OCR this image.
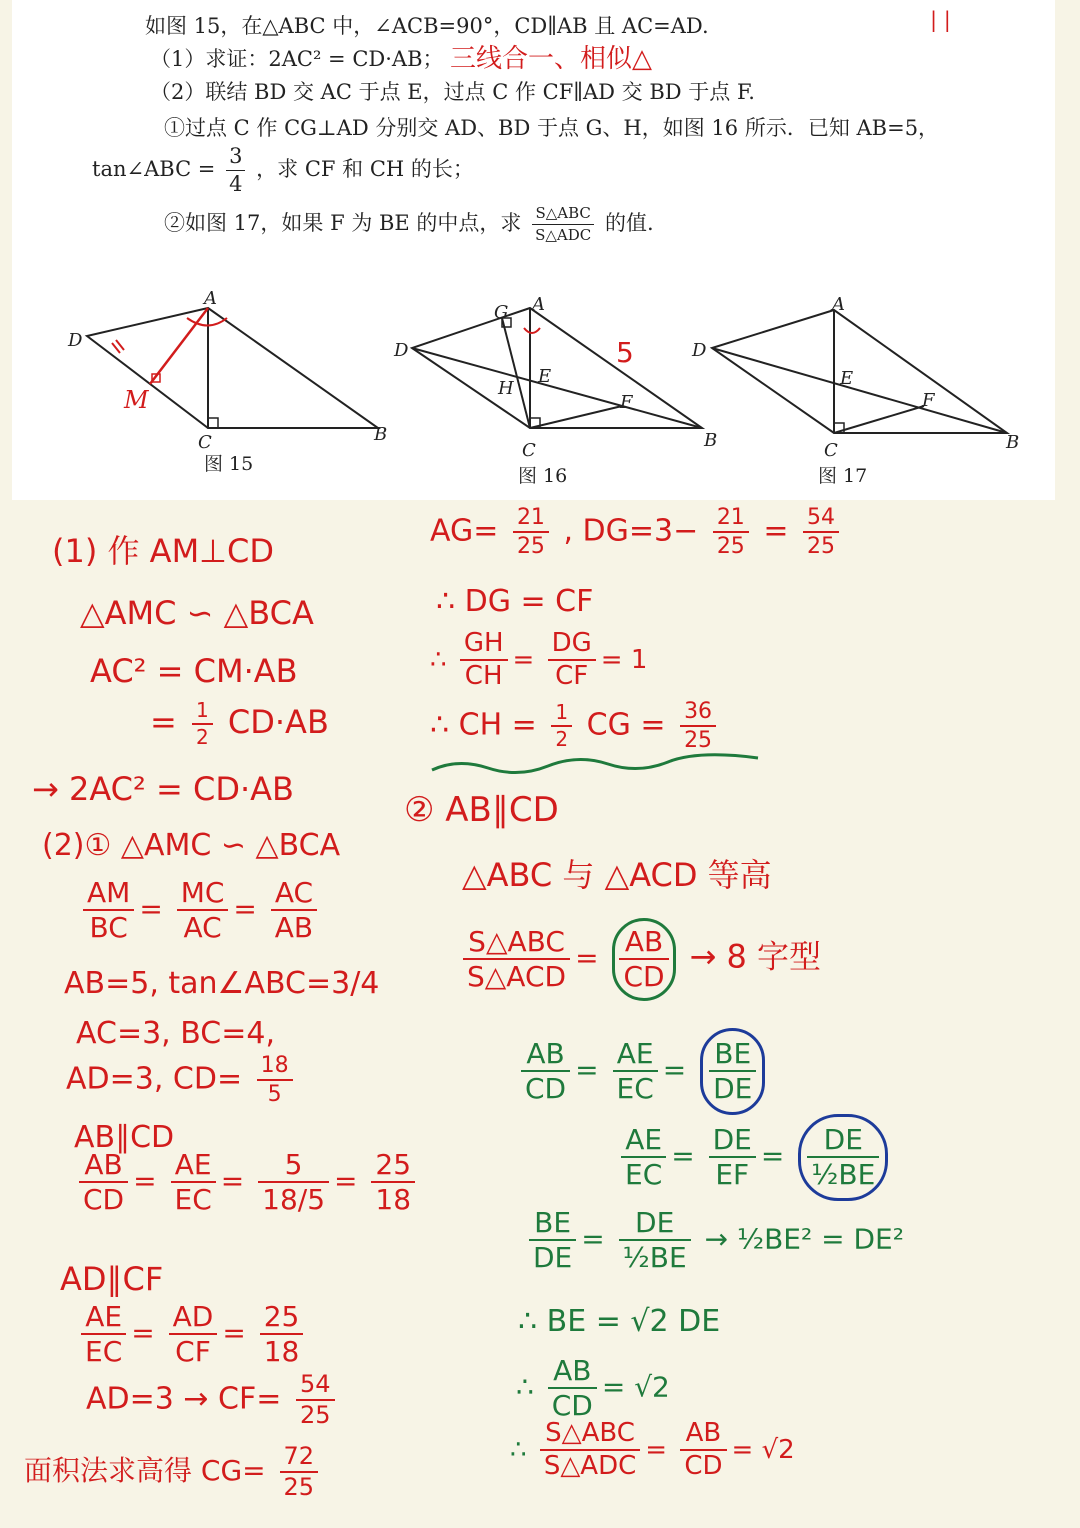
如图 15，在△ABC 中，∠ACB=90°，CD∥AB 且 AC=AD.	| |
（1）求证：2AC² = CD·AB； 三线合一、相似△
（2）联结 BD 交 AC 于点 E，过点 C 作 CF∥AD 交 BD 于点 F.
①过点 C 作 CG⊥AD 分别交 AD、BD 于点 G、H，如图 16 所示．已知 AB=5，
tan∠ABC = $\frac{3}{4}$ ，求 CF 和 CH 的长；
②如图 17，如果 F 为 BE 的中点，求 $\frac{\text{S△ABC}}{\text{S△ADC}}$ 的值.
A
D
C	B
M
图 15
A
G
D
H
E
F
C	B
5
图 16
A
D
E
F
C	B
图 17
(1) 作 AM⊥CD
△AMC ∽ △BCA
AC² = CM·AB
= $\frac{1}{2} CD\cdot AB$
→ 2AC² = CD·AB
(2)① △AMC ∽ △BCA
$\frac{AM}{BC} = \frac{MC}{AC} = \frac{AC}{AB}$
AB=5, tan∠ABC=3/4
AC=3, BC=4,
AD=3, $CD= \frac{18}{5}$
AB∥CD
$\frac{AB}{CD} = \frac{AE}{EC} = \frac{5}{18/5} = \frac{25}{18}$
AD∥CF
$\frac{AE}{EC} = \frac{AD}{CF} = \frac{25}{18}$
$AD=3 \to CF= \frac{54}{25}$
面积法求高得 $CG= \frac{72}{25}$
$AG= \frac{21}{25}$ , $DG=3- \frac{21}{25} = \frac{54}{25}$
∴ DG = CF
∴ $\frac{GH}{CH} = \frac{DG}{CF} = 1$
∴ CH = $\frac{1}{2}$ CG = $\frac{36}{25}$
② AB∥CD
△ABC 与 △ACD 等高
S△ABC
S△ACD
= $\frac{AB}{CD} \to 8$ 字型
$\frac{AB}{CD} = \frac{AE}{EC} = \frac{BE}{DE}$
$\frac{AE}{EC} = \frac{DE}{EF} = \frac{DE}{\text{½BE}}$
$\frac{BE}{DE} = \frac{DE}{\text{½BE}}$ → ½BE² = DE²
∴ BE = √2 DE
∴ $\frac{AB}{CD} = √2$
∴
S△ABC
S△ADC
= $\frac{AB}{CD} = √2$
